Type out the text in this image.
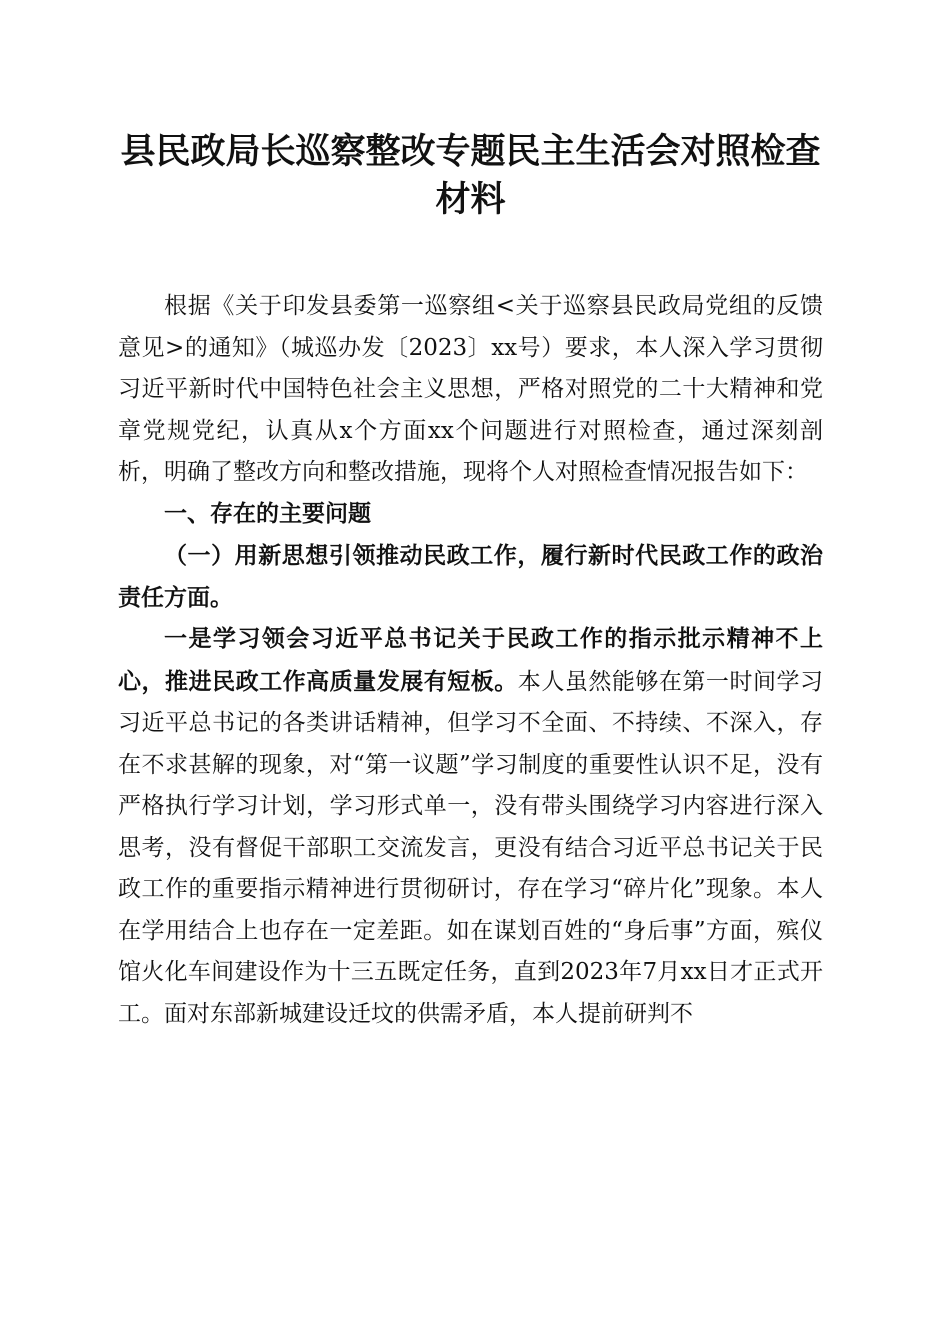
县民政局长巡察整改专题民主生活会对照检查
材料

根据《关于印发县委第一巡察组<关于巡察县民政局党组的反馈意见>的通知》（城巡办发〔2023〕xx号）要求，本人深入学习贯彻习近平新时代中国特色社会主义思想，严格对照党的二十大精神和党章党规党纪，认真从x个方面xx个问题进行对照检查，通过深刻剖析，明确了整改方向和整改措施，现将个人对照检查情况报告如下：

一、存在的主要问题

（一）用新思想引领推动民政工作，履行新时代民政工作的政治责任方面。

一是学习领会习近平总书记关于民政工作的指示批示精神不上心，推进民政工作高质量发展有短板。本人虽然能够在第一时间学习习近平总书记的各类讲话精神，但学习不全面、不持续、不深入，存在不求甚解的现象，对“第一议题”学习制度的重要性认识不足，没有严格执行学习计划，学习形式单一，没有带头围绕学习内容进行深入思考，没有督促干部职工交流发言，更没有结合习近平总书记关于民政工作的重要指示精神进行贯彻研讨，存在学习“碎片化”现象。本人在学用结合上也存在一定差距。如在谋划百姓的“身后事”方面，殡仪馆火化车间建设作为十三五既定任务，直到2023年7月xx日才正式开工。面对东部新城建设迁坟的供需矛盾，本人提前研判不
